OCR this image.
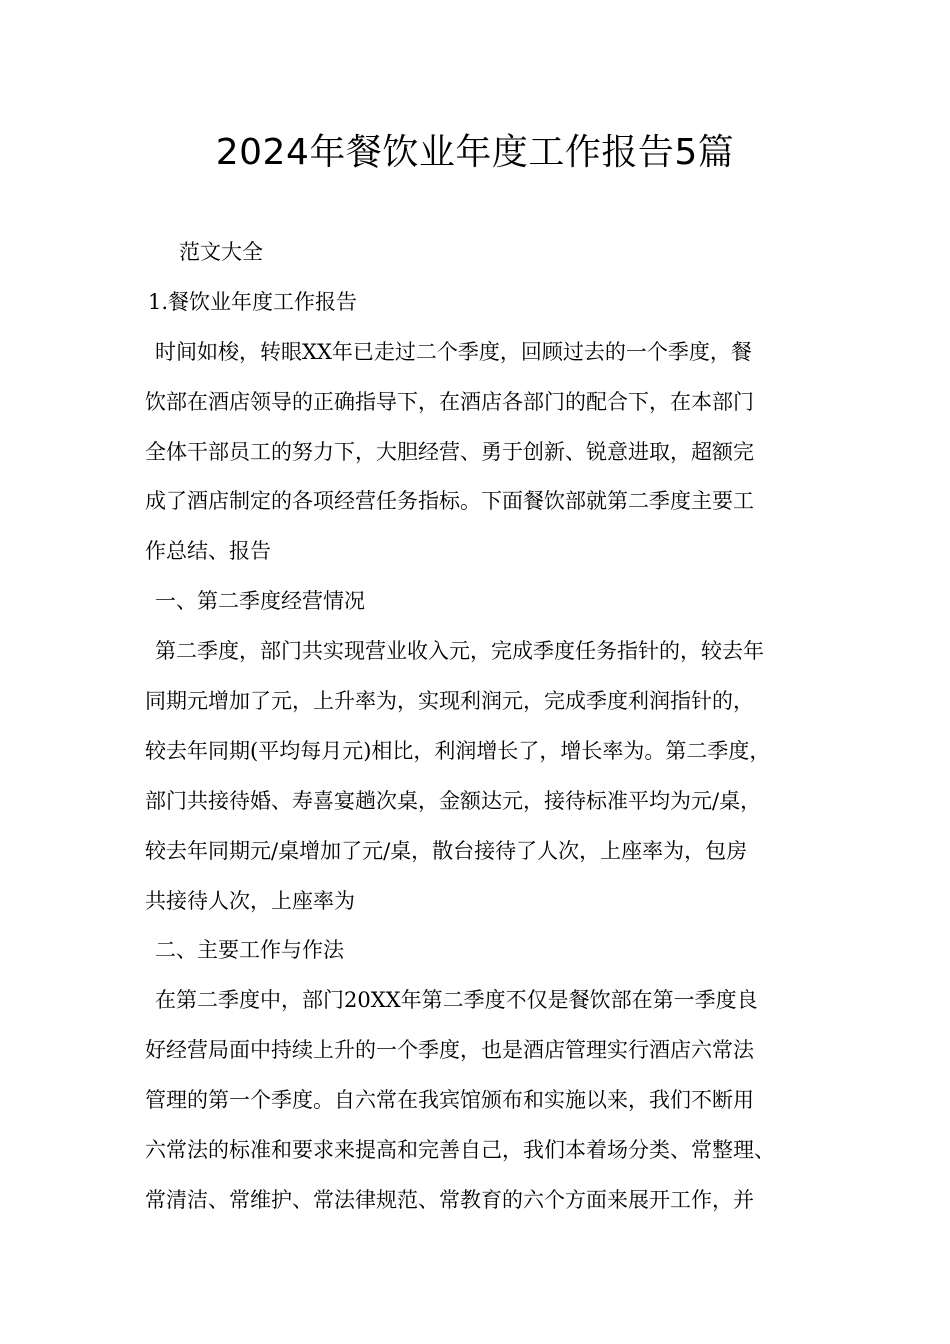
2024年餐饮业年度工作报告5篇
范文大全
1.餐饮业年度工作报告
时间如梭，转眼XX年已走过二个季度，回顾过去的一个季度，餐
饮部在酒店领导的正确指导下，在酒店各部门的配合下，在本部门
全体干部员工的努力下，大胆经营、勇于创新、锐意进取，超额完
成了酒店制定的各项经营任务指标。下面餐饮部就第二季度主要工
作总结、报告
一、第二季度经营情况
第二季度，部门共实现营业收入元，完成季度任务指针的，较去年
同期元增加了元，上升率为，实现利润元，完成季度利润指针的，
较去年同期(平均每月元)相比，利润增长了，增长率为。第二季度，
部门共接待婚、寿喜宴趟次桌，金额达元，接待标准平均为元/桌，
较去年同期元/桌增加了元/桌，散台接待了人次，上座率为，包房
共接待人次，上座率为
二、主要工作与作法
在第二季度中，部门20XX年第二季度不仅是餐饮部在第一季度良
好经营局面中持续上升的一个季度，也是酒店管理实行酒店六常法
管理的第一个季度。自六常在我宾馆颁布和实施以来，我们不断用
六常法的标准和要求来提高和完善自己，我们本着场分类、常整理、
常清洁、常维护、常法律规范、常教育的六个方面来展开工作，并
